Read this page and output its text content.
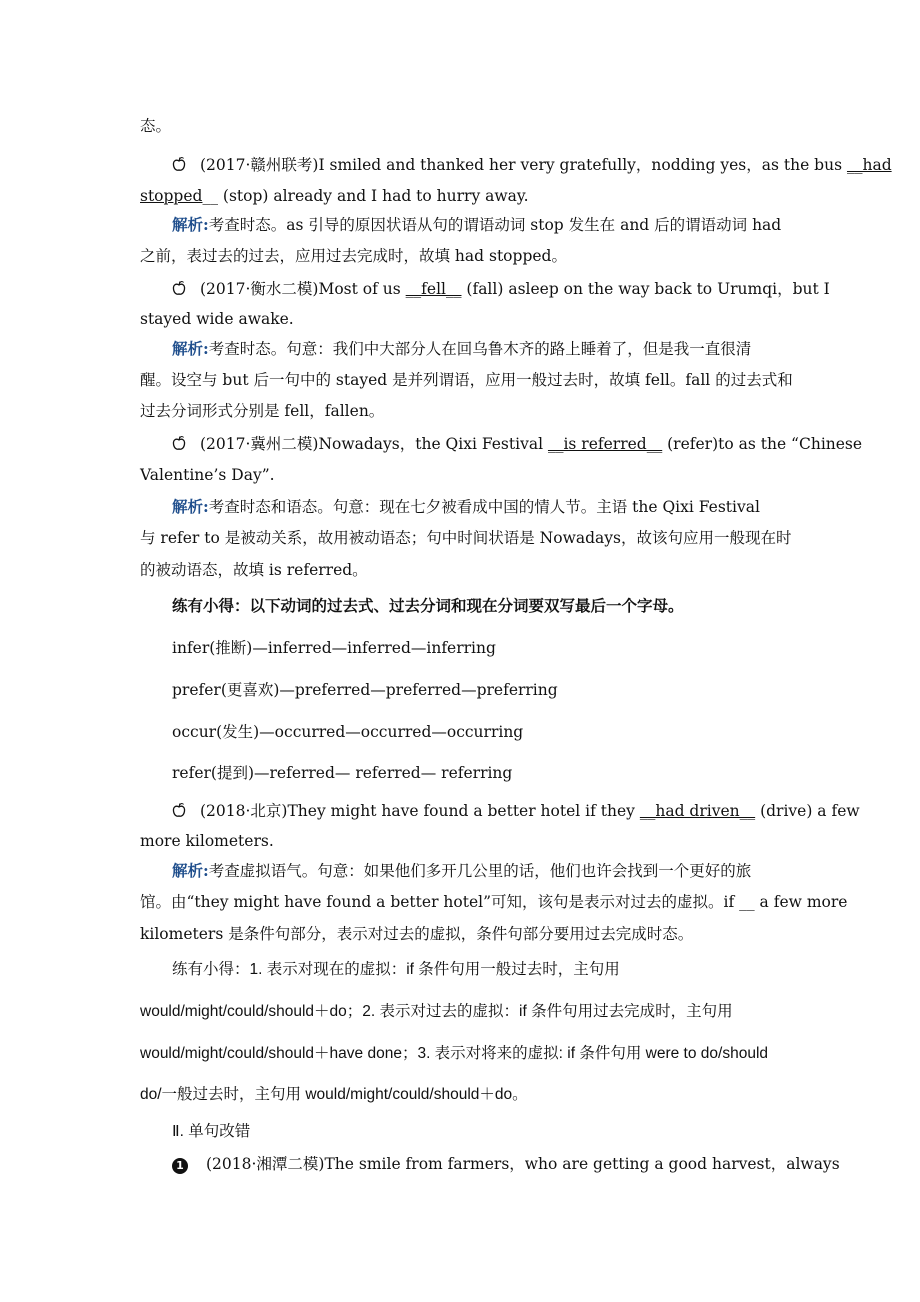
态。
(2017·赣州联考)I smiled and thanked her very gratefully，nodding yes，as the bus __had
stopped__ (stop) already and I had to hurry away.
解析:考查时态。as 引导的原因状语从句的谓语动词 stop 发生在 and 后的谓语动词 had
之前，表过去的过去，应用过去完成时，故填 had stopped。
(2017·衡水二模)Most of us __fell__ (fall) asleep on the way back to Urumqi，but I
stayed wide awake.
解析:考查时态。句意：我们中大部分人在回乌鲁木齐的路上睡着了，但是我一直很清
醒。设空与 but 后一句中的 stayed 是并列谓语，应用一般过去时，故填 fell。fall 的过去式和
过去分词形式分别是 fell，fallen。
(2017·冀州二模)Nowadays，the Qixi Festival __is referred__ (refer)to as the “Chinese
Valentine’s Day”.
解析:考查时态和语态。句意：现在七夕被看成中国的情人节。主语 the Qixi Festival
与 refer to 是被动关系，故用被动语态；句中时间状语是 Nowadays，故该句应用一般现在时
的被动语态，故填 is referred。
练有小得：以下动词的过去式、过去分词和现在分词要双写最后一个字母。
infer(推断)—inferred—inferred—inferring
prefer(更喜欢)—preferred—preferred—preferring
occur(发生)—occurred—occurred—occurring
refer(提到)—referred— referred— referring
(2018·北京)They might have found a better hotel if they __had driven__ (drive) a few
more kilometers.
解析:考查虚拟语气。句意：如果他们多开几公里的话，他们也许会找到一个更好的旅
馆。由“they might have found a better hotel”可知，该句是表示对过去的虚拟。if __ a few more
kilometers 是条件句部分，表示对过去的虚拟，条件句部分要用过去完成时态。
练有小得：1. 表示对现在的虚拟：if 条件句用一般过去时，主句用
would/might/could/should＋do；2. 表示对过去的虚拟：if 条件句用过去完成时，主句用
would/might/could/should＋have done；3. 表示对将来的虚拟: if 条件句用 were to do/should
do/一般过去时，主句用 would/might/could/should＋do。
Ⅱ. 单句改错
1 (2018·湘潭二模)The smile from farmers，who are getting a good harvest，always
